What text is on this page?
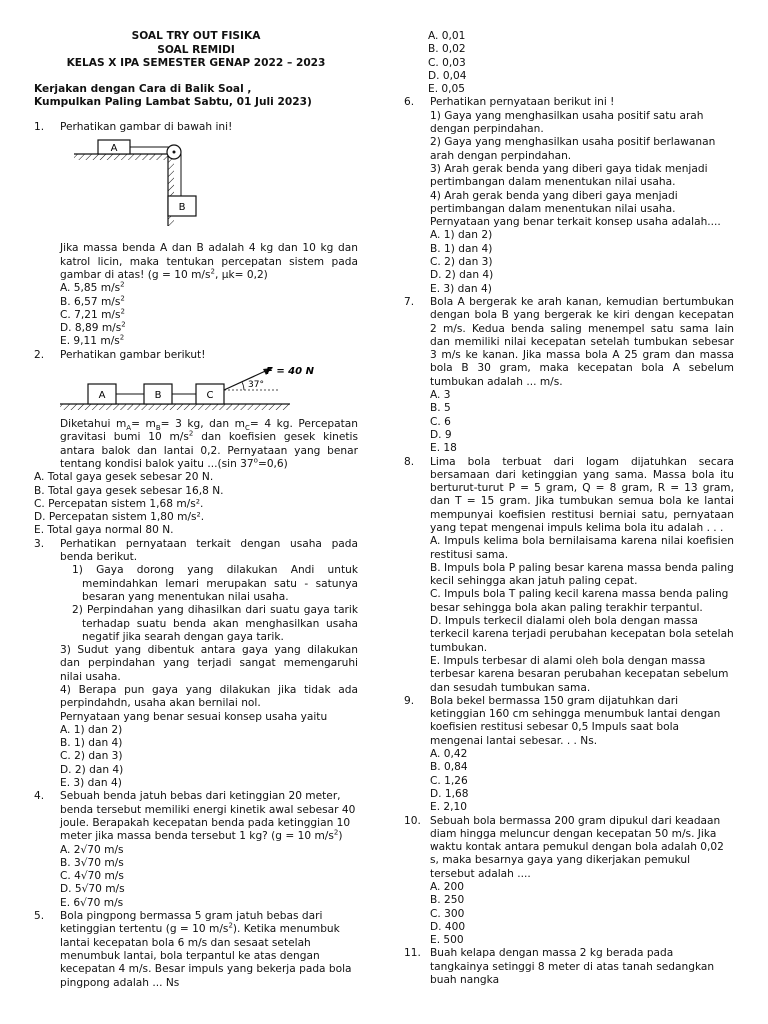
SOAL TRY OUT FISIKA
SOAL REMIDI
KELAS X IPA SEMESTER GENAP 2022 – 2023
Kerjakan dengan Cara di Balik Soal ,
Kumpulkan Paling Lambat Sabtu, 01 Juli 2023)
1. Perhatikan gambar di bawah ini!
A
B
Jika massa benda A dan B adalah 4 kg dan 10 kg dan katrol licin, maka tentukan percepatan sistem pada gambar di atas! (g = 10 $m/s^2$, μk= 0,2)
A. 5,85 $m/s^2$
B. 6,57 $m/s^2$
C. 7,21 $m/s^2$
D. 8,89 $m/s^2$
E. 9,11 $m/s^2$
2. Perhatikan gambar berikut!
A	B	C
37°
F = 40 N
Diketahui $m_A= m_B= 3$ kg, dan $m_C= 4$ kg. Percepatan gravitasi bumi 10 $m/s^2$ dan koefisien gesek kinetis antara balok dan lantai 0,2. Pernyataan yang benar tentang kondisi balok yaitu ...(sin $37^o=0,6$)
A. Total gaya gesek sebesar 20 N.
B. Total gaya gesek sebesar 16,8 N.
C. Percepatan sistem 1,68 m/s².
D. Percepatan sistem 1,80 m/s².
E. Total gaya normal 80 N.
3. Perhatikan pernyataan terkait dengan usaha pada benda berikut.
1) Gaya dorong yang dilakukan Andi untuk memindahkan lemari merupakan satu - satunya besaran yang menentukan nilai usaha.
2) Perpindahan yang dihasilkan dari suatu gaya tarik terhadap suatu benda akan menghasilkan usaha negatif jika searah dengan gaya tarik.
3) Sudut yang dibentuk antara gaya yang dilakukan dan perpindahan yang terjadi sangat memengaruhi nilai usaha.
4) Berapa pun gaya yang dilakukan jika tidak ada perpindahdn, usaha akan bernilai nol.
Pernyataan yang benar sesuai konsep usaha yaitu
A. 1) dan 2)
B. 1) dan 4)
C. 2) dan 3)
D. 2) dan 4)
E. 3) dan 4)
4. Sebuah benda jatuh bebas dari ketinggian 20 meter, benda tersebut memiliki energi kinetik awal sebesar 40 joule. Berapakah kecepatan benda pada ketinggian 10 meter jika massa benda tersebut 1 kg? (g = 10 $m/s^2$)
A. 2√70 m/s
B. 3√70 m/s
C. 4√70 m/s
D. 5√70 m/s
E. 6√70 m/s
5. Bola pingpong bermassa 5 gram jatuh bebas dari ketinggian tertentu (g = 10 $m/s^2$). Ketika menumbuk lantai kecepatan bola 6 m/s dan sesaat setelah menumbuk lantai, bola terpantul ke atas dengan kecepatan 4 m/s. Besar impuls yang bekerja pada bola pingpong adalah ... Ns
A. 0,01
B. 0,02
C. 0,03
D. 0,04
E. 0,05
6. Perhatikan pernyataan berikut ini !
1) Gaya yang menghasilkan usaha positif satu arah dengan perpindahan.
2) Gaya yang menghasilkan usaha positif berlawanan arah dengan perpindahan.
3) Arah gerak benda yang diberi gaya tidak menjadi pertimbangan dalam menentukan nilai usaha.
4) Arah gerak benda yang diberi gaya menjadi pertimbangan dalam menentukan nilai usaha.
Pernyataan yang benar terkait konsep usaha adalah....
A. 1) dan 2)
B. 1) dan 4)
C. 2) dan 3)
D. 2) dan 4)
E. 3) dan 4)
7. Bola A bergerak ke arah kanan, kemudian bertumbukan dengan bola B yang bergerak ke kiri dengan kecepatan 2 m/s. Kedua benda saling menempel satu sama lain dan memiliki nilai kecepatan setelah tumbukan sebesar 3 m/s ke kanan. Jika massa bola A 25 gram dan massa bola B 30 gram, maka kecepatan bola A sebelum tumbukan adalah ... m/s.
A. 3
B. 5
C. 6
D. 9
E. 18
8. Lima bola terbuat dari logam dijatuhkan secara bersamaan dari ketinggian yang sama. Massa bola itu berturut-turut P = 5 gram, Q = 8 gram, R = 13 gram, dan T = 15 gram. Jika tumbukan semua bola ke lantai mempunyai koefisien restitusi berniai satu, pernyataan yang tepat mengenai impuls kelima bola itu adalah . . .
A. Impuls kelima bola bernilaisama karena nilai koefisien restitusi sama.
B. Impuls bola P paling besar karena massa benda paling kecil sehingga akan jatuh paling cepat.
C. Impuls bola T paling kecil karena massa benda paling besar sehingga bola akan paling terakhir terpantul.
D. Impuls terkecil dialami oleh bola dengan massa terkecil karena terjadi perubahan kecepatan bola setelah tumbukan.
E. Impuls terbesar di alami oleh bola dengan massa terbesar karena besaran perubahan kecepatan sebelum dan sesudah tumbukan sama.
9. Bola bekel bermassa 150 gram dijatuhkan dari ketinggian 160 cm sehingga menumbuk lantai dengan koefisien restitusi sebesar 0,5 Impuls saat bola mengenai lantai sebesar. . . Ns.
A. 0,42
B. 0,84
C. 1,26
D. 1,68
E. 2,10
10. Sebuah bola bermassa 200 gram dipukul dari keadaan diam hingga meluncur dengan kecepatan 50 m/s. Jika waktu kontak antara pemukul dengan bola adalah 0,02 s, maka besarnya gaya yang dikerjakan pemukul tersebut adalah ....
A. 200
B. 250
C. 300
D. 400
E. 500
11. Buah kelapa dengan massa 2 kg berada pada tangkainya setinggi 8 meter di atas tanah sedangkan buah nangka
